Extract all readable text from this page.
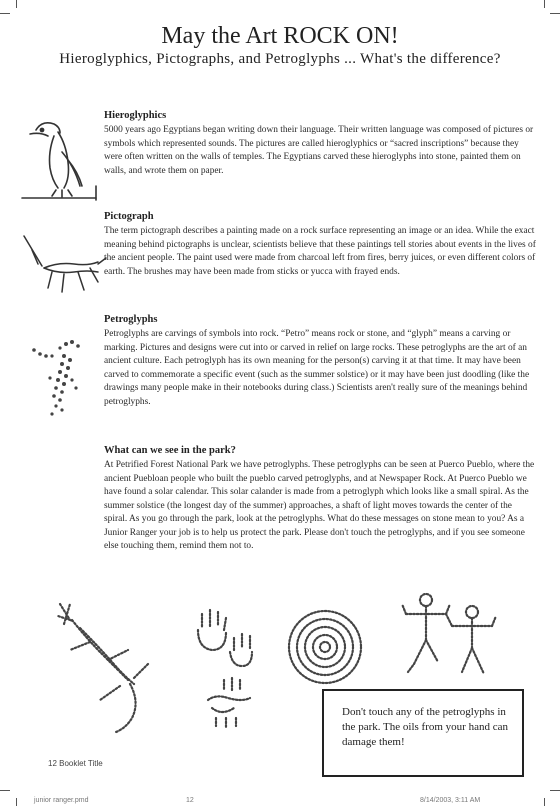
May the Art ROCK ON!
Hieroglyphics, Pictographs, and Petroglyphs ... What's the difference?
Hieroglyphics

5000 years ago Egyptians began writing down their language. Their written language was composed of pictures or symbols which represented sounds. The pictures are called hieroglyphics or “sacred inscriptions” because they were often written on the walls of temples. The Egyptians carved these hieroglyphs into stone, painted them on walls, and wrote them on paper.

Pictograph

The term pictograph describes a painting made on a rock surface representing an image or an idea. While the exact meaning behind pictographs is unclear, scientists believe that these paintings tell stories about events in the lives of the ancient people. The paint used were made from charcoal left from fires, berry juices, or even different colors of earth. The brushes may have been made from sticks or yucca with frayed ends.

Petroglyphs

Petroglyphs are carvings of symbols into rock. “Petro” means rock or stone, and “glyph” means a carving or marking. Pictures and designs were cut into or carved in relief on large rocks. These petroglyphs are the art of an ancient culture. Each petroglyph has its own meaning for the person(s) carving it at that time. It may have been carved to commemorate a specific event (such as the summer solstice) or it may have been just doodling (like the drawings many people make in their notebooks during class.) Scientists aren't really sure of the meanings behind petroglyphs.

What can we see in the park?

At Petrified Forest National Park we have petroglyphs. These petroglyphs can be seen at Puerco Pueblo, where the ancient Puebloan people who built the pueblo carved petroglyphs, and at Newspaper Rock. At Puerco Pueblo we have found a solar calendar. This solar calander is made from a petroglyph which looks like a small spiral. As the summer solstice (the longest day of the summer) approaches, a shaft of light moves towards the center of the spiral. As you go through the park, look at the petroglyphs. What do these messages on stone mean to you? As a Junior Ranger your job is to help us protect the park. Please don't touch the petroglyphs, and if you see someone else touching them, remind them not to.

Don't touch any of the petroglyphs in the park. The oils from your hand can damage them!
12 Booklet Title
junior ranger.pmd	12	8/14/2003, 3:11 AM
